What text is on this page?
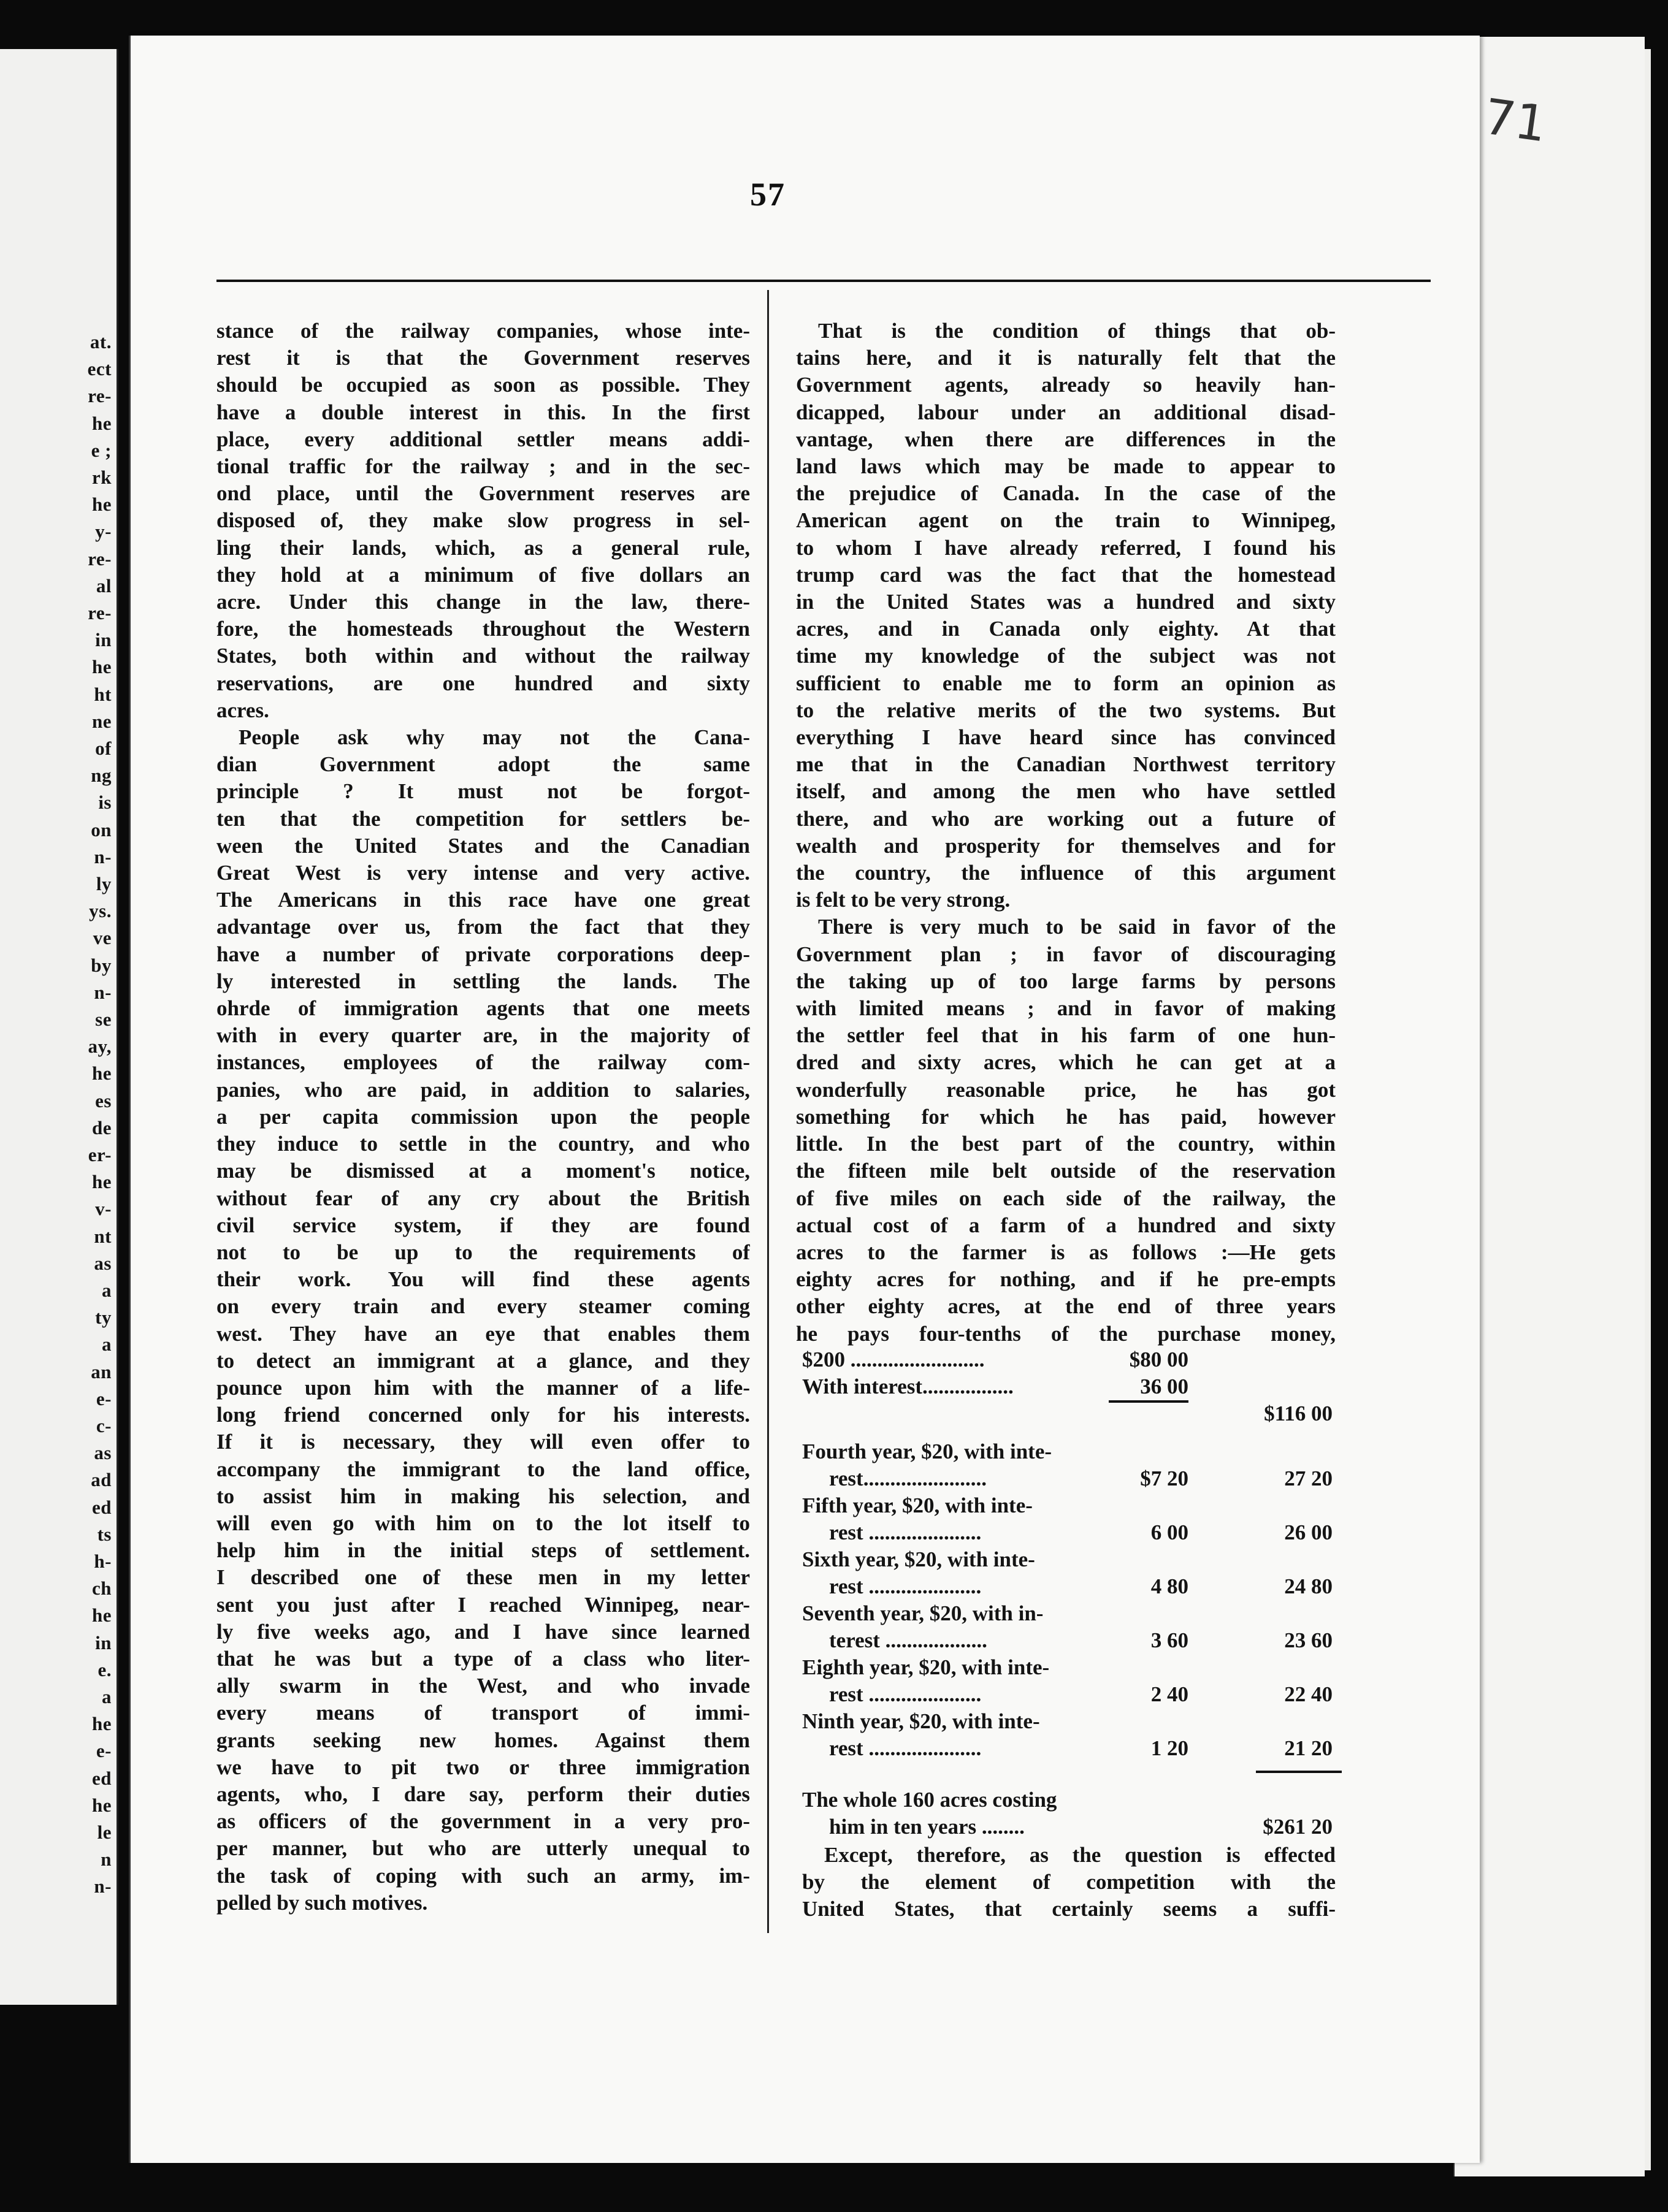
71
at.
ect
re-
he
e ;
rk
he
y-
re-
al
re-
in
he
ht
ne
of
ng
is
on
n-
ly
ys.
ve
by
n-
se
ay,
he
es
de
er-
he
v-
nt
as
a
ty
a
an
e-
c-
as
ad
ed
ts
h-
ch
he
in
e.
a
he
e-
ed
he
le
n
n-
57
stance of the railway companies, whose inte-
rest it is that the Government reserves
should be occupied as soon as possible. They
have a double interest in this. In the first
place, every additional settler means addi-
tional traffic for the railway ; and in the sec-
ond place, until the Government reserves are
disposed of, they make slow progress in sel-
ling their lands, which, as a general rule,
they hold at a minimum of five dollars an
acre. Under this change in the law, there-
fore, the homesteads throughout the Western
States, both within and without the railway
reservations, are one hundred and sixty
acres.
People ask why may not the Cana-
dian Government adopt the same
principle ? It must not be forgot-
ten that the competition for settlers be-
ween the United States and the Canadian
Great West is very intense and very active.
The Americans in this race have one great
advantage over us, from the fact that they
have a number of private corporations deep-
ly interested in settling the lands. The
ohrde of immigration agents that one meets
with in every quarter are, in the majority of
instances, employees of the railway com-
panies, who are paid, in addition to salaries,
a per capita commission upon the people
they induce to settle in the country, and who
may be dismissed at a moment's notice,
without fear of any cry about the British
civil service system, if they are found
not to be up to the requirements of
their work. You will find these agents
on every train and every steamer coming
west. They have an eye that enables them
to detect an immigrant at a glance, and they
pounce upon him with the manner of a life-
long friend concerned only for his interests.
If it is necessary, they will even offer to
accompany the immigrant to the land office,
to assist him in making his selection, and
will even go with him on to the lot itself to
help him in the initial steps of settlement.
I described one of these men in my letter
sent you just after I reached Winnipeg, near-
ly five weeks ago, and I have since learned
that he was but a type of a class who liter-
ally swarm in the West, and who invade
every means of transport of immi-
grants seeking new homes. Against them
we have to pit two or three immigration
agents, who, I dare say, perform their duties
as officers of the government in a very pro-
per manner, but who are utterly unequal to
the task of coping with such an army, im-
pelled by such motives.
That is the condition of things that ob-
tains here, and it is naturally felt that the
Government agents, already so heavily han-
dicapped, labour under an additional disad-
vantage, when there are differences in the
land laws which may be made to appear to
the prejudice of Canada. In the case of the
American agent on the train to Winnipeg,
to whom I have already referred, I found his
trump card was the fact that the homestead
in the United States was a hundred and sixty
acres, and in Canada only eighty. At that
time my knowledge of the subject was not
sufficient to enable me to form an opinion as
to the relative merits of the two systems. But
everything I have heard since has convinced
me that in the Canadian Northwest territory
itself, and among the men who have settled
there, and who are working out a future of
wealth and prosperity for themselves and for
the country, the influence of this argument
is felt to be very strong.
There is very much to be said in favor of the
Government plan ; in favor of discouraging
the taking up of too large farms by persons
with limited means ; and in favor of making
the settler feel that in his farm of one hun-
dred and sixty acres, which he can get at a
wonderfully reasonable price, he has got
something for which he has paid, however
little. In the best part of the country, within
the fifteen mile belt outside of the reservation
of five miles on each side of the railway, the
actual cost of a farm of a hundred and sixty
acres to the farmer is as follows :—He gets
eighty acres for nothing, and if he pre-empts
other eighty acres, at the end of three years
he pays four-tenths of the purchase money,
$200 .........................	$80 00
With interest.................	36 00
$116 00
Fourth year, $20, with inte-
rest.......................	$7 20	27 20
Fifth year, $20, with inte-
rest .....................	6 00	26 00
Sixth year, $20, with inte-
rest .....................	4 80	24 80
Seventh year, $20, with in-
terest ...................	3 60	23 60
Eighth year, $20, with inte-
rest .....................	2 40	22 40
Ninth year, $20, with inte-
rest .....................	1 20	21 20
The whole 160 acres costing
him in ten years ........	$261 20
Except, therefore, as the question is effected
by the element of competition with the
United States, that certainly seems a suffi-
